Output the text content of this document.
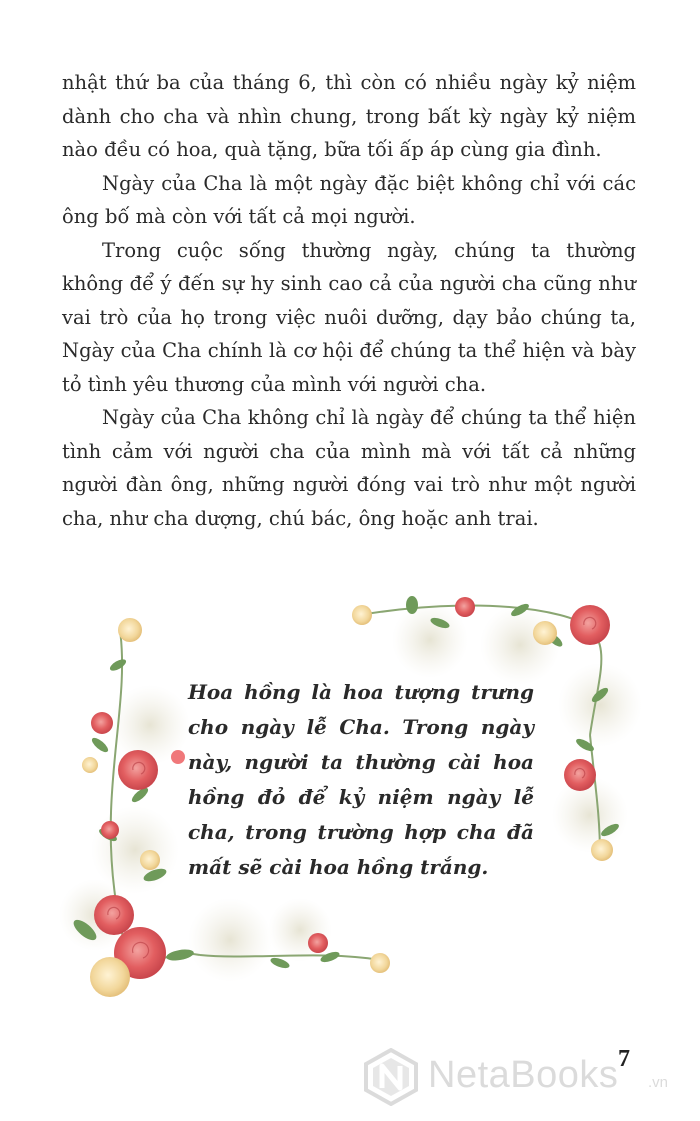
nhật thứ ba của tháng 6, thì còn có nhiều ngày kỷ niệm dành cho cha và nhìn chung, trong bất kỳ ngày kỷ niệm nào đều có hoa, quà tặng, bữa tối ấp áp cùng gia đình.

Ngày của Cha là một ngày đặc biệt không chỉ với các ông bố mà còn với tất cả mọi người.

Trong cuộc sống thường ngày, chúng ta thường không để ý đến sự hy sinh cao cả của người cha cũng như vai trò của họ trong việc nuôi dưỡng, dạy bảo chúng ta, Ngày của Cha chính là cơ hội để chúng ta thể hiện và bày tỏ tình yêu thương của mình với người cha.

Ngày của Cha không chỉ là ngày để chúng ta thể hiện tình cảm với người cha của mình mà với tất cả những người đàn ông, những người đóng vai trò như một người cha, như cha dượng, chú bác, ông hoặc anh trai.

Hoa hồng là hoa tượng trưng cho ngày lễ Cha. Trong ngày này, người ta thường cài hoa hồng đỏ để kỷ niệm ngày lễ cha, trong trường hợp cha đã mất sẽ cài hoa hồng trắng.
7
NetaBooks .vn
